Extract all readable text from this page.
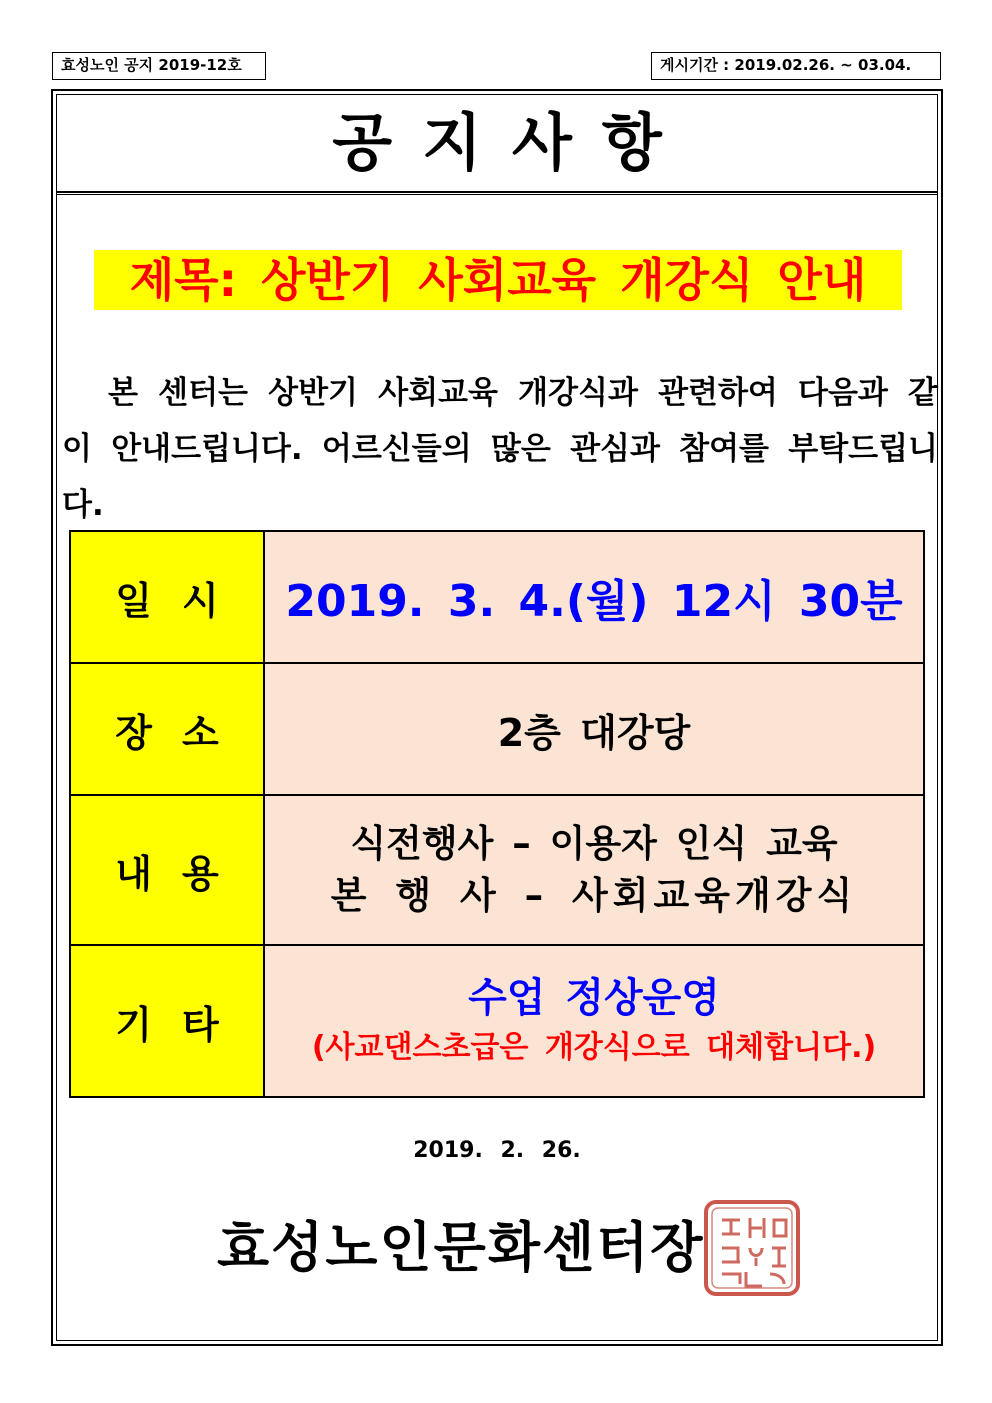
효성노인 공지 2019-12호	게시기간 : 2019.02.26. ~ 03.04.
공지사항
제목: 상반기 사회교육 개강식 안내
본 센터는 상반기 사회교육 개강식과 관련하여 다음과 같이 안내드립니다. 어르신들의 많은 관심과 참여를 부탁드립니다.
일시	2019. 3. 4.(월) 12시 30분
장소	2층 대강당
내용	식전행사 – 이용자 인식 교육
본 행 사 – 사회교육개강식

기타	수업 정상운영
(사교댄스초급은 개강식으로 대체합니다.)
2019. 2. 26.
효성노인문화센터장
